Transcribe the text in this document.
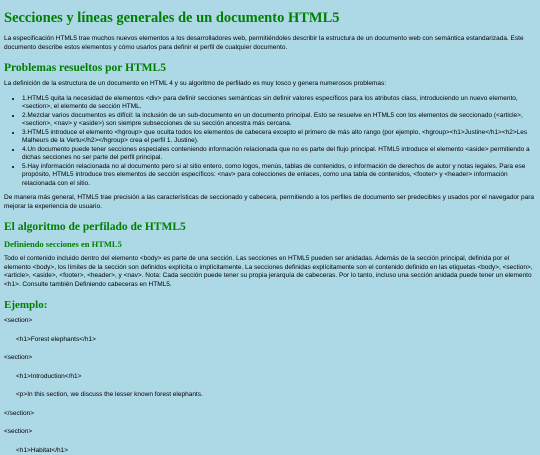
Secciones y líneas generales de un documento HTML5

La especificación HTML5 trae muchos nuevos elementos a los desarrolladores web, permitiéndoles describir la estructura de un documento web con semántica estandarizada. Este documento describe estos elementos y cómo usarlos para definir el perfil de cualquier documento.

Problemas resueltos por HTML5

La definición de la estructura de un documento en HTML 4 y su algoritmo de perfilado es muy tosco y genera numerosos problemas:

• 1.HTML5 quita la necesidad de elementos <div> para definir secciones semánticas sin definir valores específicos para los atributos class, introduciendo un nuevo elemento, <section>, el elemento de sección HTML.
• 2.Mezclar varios documentos es difícil: la inclusión de un sub-documento en un documento principal. Esto se resuelve en HTML5 con los elementos de seccionado (<article>, <section>, <nav> y <aside>) son siempre subsecciones de su sección ancestra más cercana.
• 3.HTML5 introduce el elemento <hgroup> que oculta todos los elementos de cabecera excepto el primero de más alto rango (por ejemplo, <hgroup><h1>Justine</h1><h2>Les Malheurs de la Vertu</h2></hgroup> crea el perfil 1. Justine).
• 4.Un documento puede tener secciones especiales conteniendo información relacionada que no es parte del flujo principal. HTML5 introduce el elemento <aside> permitiendo a dichas secciones no ser parte del perfil principal.
• 5.Hay información relacionada no al documento pero si al sitio entero, como logos, menús, tablas de contenidos, o información de derechos de autor y notas legales. Para ese propósito, HTML5 introduce tres elementos de sección específicos: <nav> para colecciones de enlaces, como una tabla de contenidos, <footer> y <header> información relacionada con el sitio.

De manera más general, HTML5 trae precisión a las características de seccionado y cabecera, permitiendo a los perfiles de documento ser predecibles y usados por el navegador para mejorar la experiencia de usuario.

El algoritmo de perfilado de HTML5
Definiendo secciones en HTML5

Todo el contenido incluido dentro del elemento <body> es parte de una sección. Las secciones en HTML5 pueden ser anidadas. Además de la sección principal, definida por el elemento <body>, los límites de la sección son definidos explícita o implícitamente. La secciones definidas explícitamente son el contenido definido en las etiquetas <body>, <section>, <article>, <aside>, <footer>, <header>, y <nav>. Nota: Cada sección puede tener su propia jerarquía de cabeceras. Por lo tanto, incluso una sección anidada puede tener un elemento <h1>. Consulte también Definiendo cabeceras en HTML5.

Ejemplo:

<section>

<h1>Forest elephants</h1>

<section>

<h1>Introduction</h1>

<p>In this section, we discuss the lesser known forest elephants.

</section>

<section>

<h1>Habitat</h1>
